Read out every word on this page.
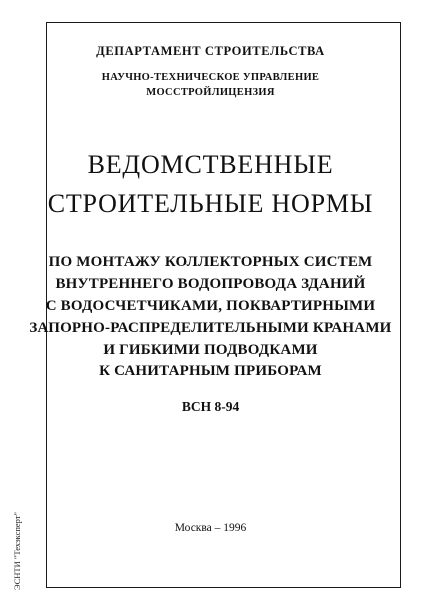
ДЕПАРТАМЕНТ СТРОИТЕЛЬСТВА

НАУЧНО-ТЕХНИЧЕСКОЕ УПРАВЛЕНИЕ

МОССТРОЙЛИЦЕНЗИЯ

ВЕДОМСТВЕННЫЕ

СТРОИТЕЛЬНЫЕ НОРМЫ

ПО МОНТАЖУ КОЛЛЕКТОРНЫХ СИСТЕМ

ВНУТРЕННЕГО ВОДОПРОВОДА ЗДАНИЙ

С ВОДОСЧЕТЧИКАМИ, ПОКВАРТИРНЫМИ

ЗАПОРНО-РАСПРЕДЕЛИТЕЛЬНЫМИ КРАНАМИ

И ГИБКИМИ ПОДВОДКАМИ

К САНИТАРНЫМ ПРИБОРАМ

ВСН 8-94

Москва – 1996

ЭСНТИ "Техэксперт"
